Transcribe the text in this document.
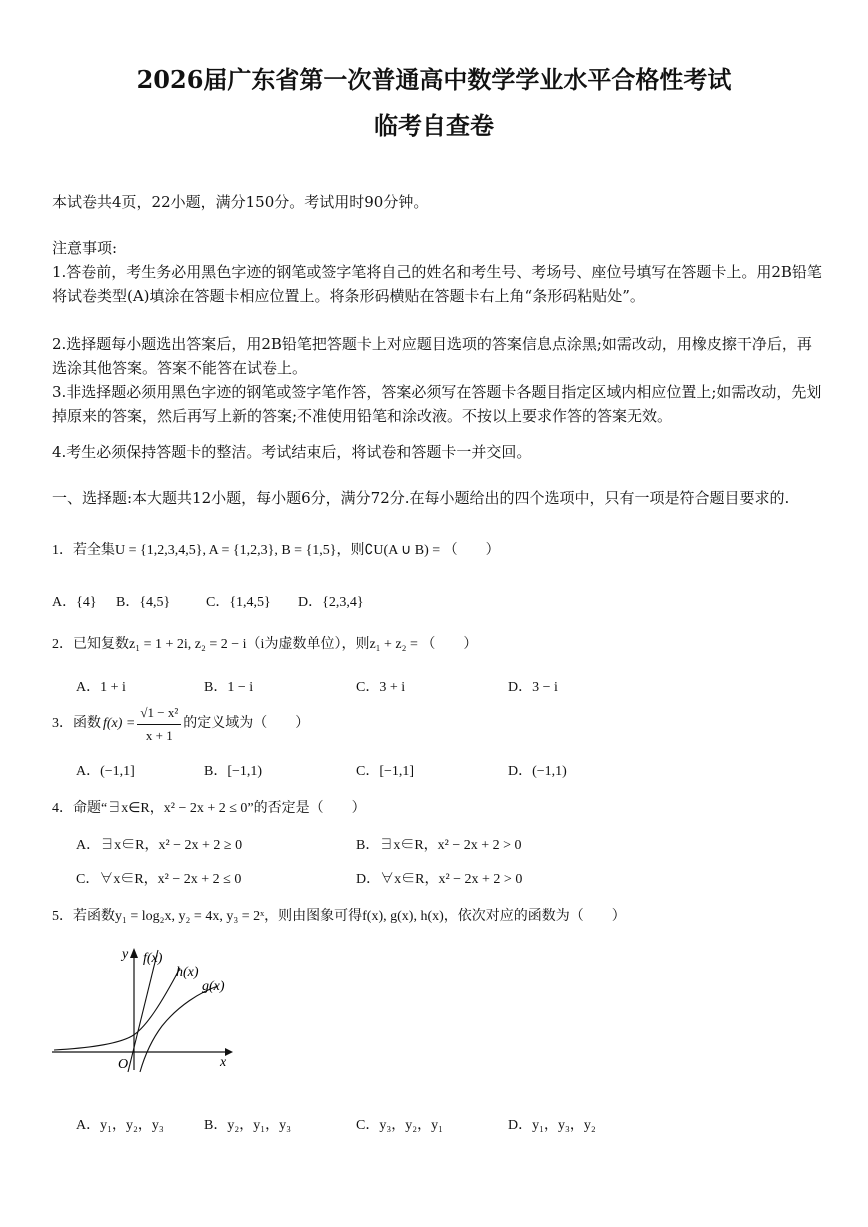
2026届广东省第一次普通高中数学学业水平合格性考试
临考自查卷
本试卷共4页，22小题，满分150分。考试用时90分钟。
注意事项:
1.答卷前，考生务必用黑色字迹的钢笔或签字笔将自己的姓名和考生号、考场号、座位号填写在答题卡上。用2B铅笔将试卷类型(A)填涂在答题卡相应位置上。将条形码横贴在答题卡右上角“条形码粘贴处”。
2.选择题每小题选出答案后，用2B铅笔把答题卡上对应题目选项的答案信息点涂黑;如需改动，用橡皮擦干净后，再选涂其他答案。答案不能答在试卷上。
3.非选择题必须用黑色字迹的钢笔或签字笔作答，答案必须写在答题卡各题目指定区域内相应位置上;如需改动，先划掉原来的答案，然后再写上新的答案;不准使用铅笔和涂改液。不按以上要求作答的答案无效。
4.考生必须保持答题卡的整洁。考试结束后，将试卷和答题卡一并交回。
一、选择题:本大题共12小题，每小题6分，满分72分.在每小题给出的四个选项中，只有一项是符合题目要求的.
1．若全集U = {1,2,3,4,5}, A = {1,2,3}, B = {1,5}，则∁U(A ∪ B) = （　　）
A．{4} B．{4,5}	C．{1,4,5} D．{2,3,4}
2．已知复数z₁ = 1 + 2i, z₂ = 2 − i（i为虚数单位），则z₁ + z₂ = （　　）
A．1 + i	B．1 − i	C．3 + i	D．3 − i
3．函数 $f(x) = \frac{\text{√1 − x²}}{x + 1}$ 的定义域为（　　）
A．(−1,1]	B．[−1,1)	C．[−1,1]	D．(−1,1)
4．命题“∃x∈R，x² − 2x + 2 ≤ 0”的否定是（　　）
A．∃x∈R，x² − 2x + 2 ≥ 0	B．∃x∈R，x² − 2x + 2 > 0
C．∀x∈R，x² − 2x + 2 ≤ 0	D．∀x∈R，x² − 2x + 2 > 0
5．若函数y₁ = log₂x, y₂ = 4x, y₃ = 2ˣ，则由图象可得f(x), g(x), h(x)，依次对应的函数为（　　）
y
x
O
f(x)
h(x)
g(x)
A．y₁，y₂，y₃	B．y₂，y₁，y₃	C．y₃，y₂，y₁	D．y₁，y₃，y₂
